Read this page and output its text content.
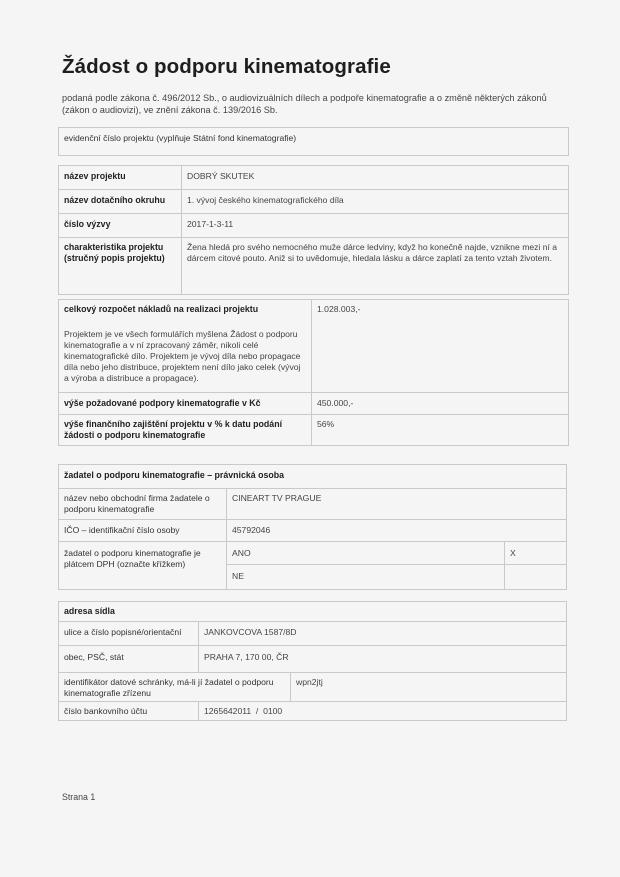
Žádost o podporu kinematografie
podaná podle zákona č. 496/2012 Sb., o audiovizuálních dílech a podpoře kinematografie a o změně některých zákonů (zákon o audiovizi), ve znění zákona č. 139/2016 Sb.
evidenční číslo projektu (vyplňuje Státní fond kinematografie)
název projektu	DOBRÝ SKUTEK
název dotačního okruhu	1. vývoj českého kinematografického díla
číslo výzvy	2017-1-3-11
charakteristika projektu (stručný popis projektu)	Žena hledá pro svého nemocného muže dárce ledviny, když ho konečně najde, vznikne mezi ní a dárcem citové pouto. Aniž si to uvědomuje, hledala lásku a dárce zaplatí za tento vztah životem.
celkový rozpočet nákladů na realizaci projektu
Projektem je ve všech formulářích myšlena Žádost o podporu kinematografie a v ní zpracovaný záměr, nikoli celé kinematografické dílo. Projektem je vývoj díla nebo propagace díla nebo jeho distribuce, projektem není dílo jako celek (vývoj a výroba a distribuce a propagace).	1.028.003,-
výše požadované podpory kinematografie v Kč	450.000,-
výše finančního zajištění projektu v % k datu podání žádosti o podporu kinematografie	56%
žadatel o podporu kinematografie – právnická osoba		
název nebo obchodní firma žadatele o podporu kinematografie	CINEART TV PRAGUE	
IČO – identifikační číslo osoby	45792046	
žadatel o podporu kinematografie je plátcem DPH (označte křížkem)	ANO	X
	NE	
adresa sídla		
ulice a číslo popisné/orientační	JANKOVCOVA 1587/8D	
obec, PSČ, stát	PRAHA 7, 170 00, ČR	
identifikátor datové schránky, má-li jí žadatel o podporu kinematografie zřízenu		wpn2jtj
číslo bankovního účtu	1265642011  /  0100	
Strana 1
